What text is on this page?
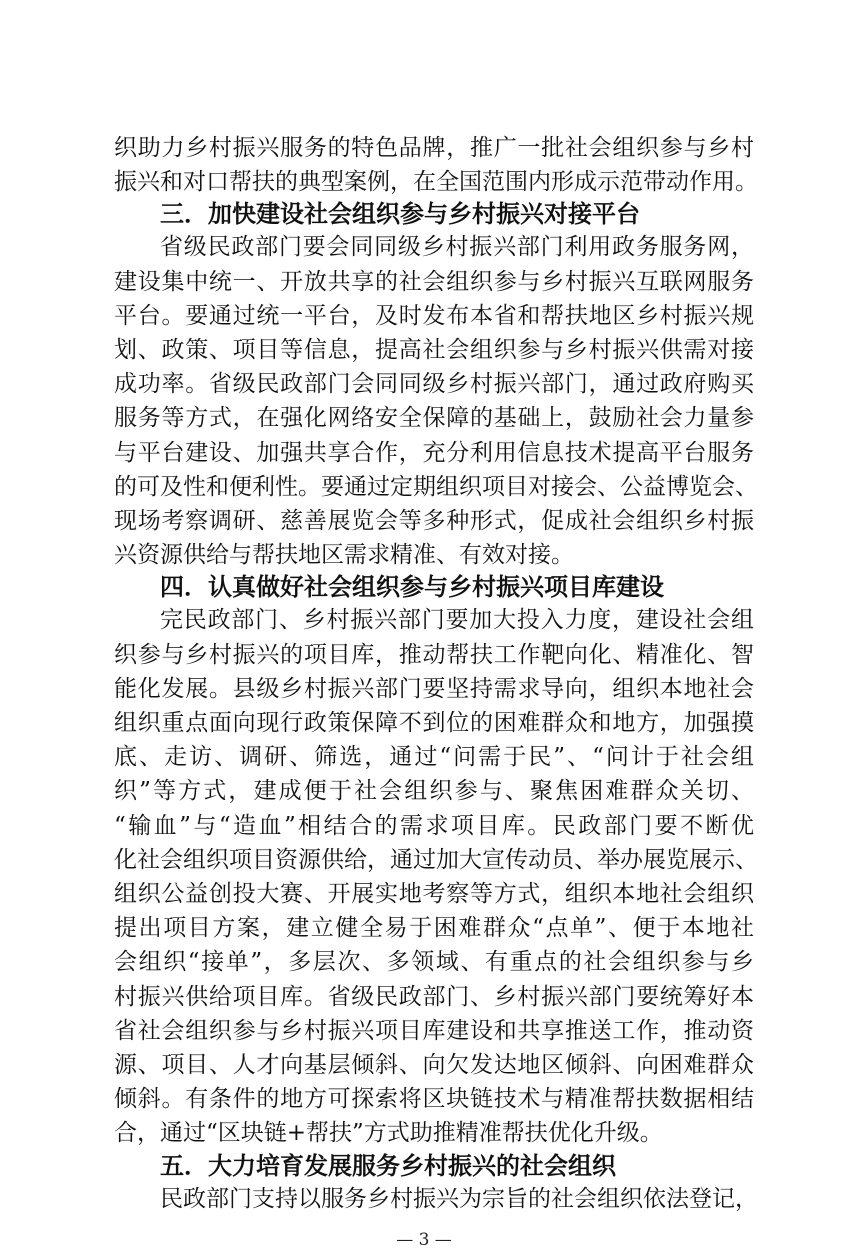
织助力乡村振兴服务的特色品牌，推广一批社会组织参与乡村
振兴和对口帮扶的典型案例，在全国范围内形成示范带动作用。
三．加快建设社会组织参与乡村振兴对接平台
省级民政部门要会同同级乡村振兴部门利用政务服务网，
建设集中统一、开放共享的社会组织参与乡村振兴互联网服务
平台。要通过统一平台，及时发布本省和帮扶地区乡村振兴规
划、政策、项目等信息，提高社会组织参与乡村振兴供需对接
成功率。省级民政部门会同同级乡村振兴部门，通过政府购买
服务等方式，在强化网络安全保障的基础上，鼓励社会力量参
与平台建设、加强共享合作，充分利用信息技术提高平台服务
的可及性和便利性。要通过定期组织项目对接会、公益博览会、
现场考察调研、慈善展览会等多种形式，促成社会组织乡村振
兴资源供给与帮扶地区需求精准、有效对接。
四．认真做好社会组织参与乡村振兴项目库建设
完民政部门、乡村振兴部门要加大投入力度，建设社会组
织参与乡村振兴的项目库，推动帮扶工作靶向化、精准化、智
能化发展。县级乡村振兴部门要坚持需求导向，组织本地社会
组织重点面向现行政策保障不到位的困难群众和地方，加强摸
底、走访、调研、筛选，通过“问需于民”、“问计于社会组
织”等方式，建成便于社会组织参与、聚焦困难群众关切、
“输血”与“造血”相结合的需求项目库。民政部门要不断优
化社会组织项目资源供给，通过加大宣传动员、举办展览展示、
组织公益创投大赛、开展实地考察等方式，组织本地社会组织
提出项目方案，建立健全易于困难群众“点单”、便于本地社
会组织“接单”，多层次、多领域、有重点的社会组织参与乡
村振兴供给项目库。省级民政部门、乡村振兴部门要统筹好本
省社会组织参与乡村振兴项目库建设和共享推送工作，推动资
源、项目、人才向基层倾斜、向欠发达地区倾斜、向困难群众
倾斜。有条件的地方可探索将区块链技术与精准帮扶数据相结
合，通过“区块链+帮扶”方式助推精准帮扶优化升级。
五．大力培育发展服务乡村振兴的社会组织
民政部门支持以服务乡村振兴为宗旨的社会组织依法登记，
— 3 —
